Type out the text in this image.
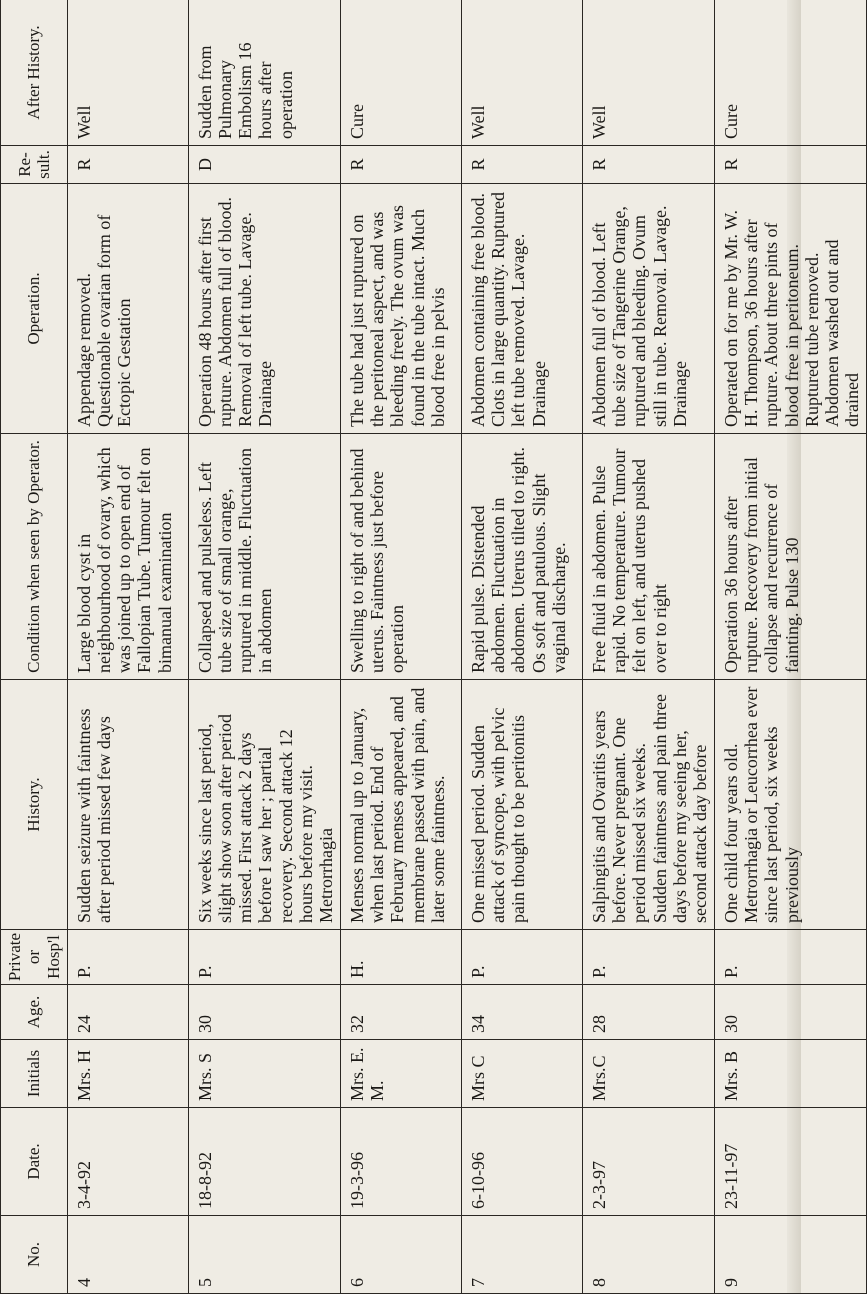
No.	Date.	Initials	Age.	Private or Hosp'l	History.	Condition when seen by Operator.	Operation.	Re-sult.	After History.
4	3-4-92	Mrs. H	24	P.	Sudden seizure with faintness after period missed few days	Large blood cyst in neighbourhood of ovary, which was joined up to open end of Fallopian Tube. Tumour felt on bimanual examination	Appendage removed. Questionable ovarian form of Ectopic Gestation	R	Well
5	18-8-92	Mrs. S	30	P.	Six weeks since last period, slight show soon after period missed. First attack 2 days before I saw her ; partial recovery. Second attack 12 hours before my visit. Metrorrhagia	Collapsed and pulseless. Left tube size of small orange, ruptured in middle. Fluctuation in abdomen	Operation 48 hours after first rupture. Abdomen full of blood. Removal of left tube. Lavage. Drainage	D	Sudden from Pulmonary Embolism 16 hours after operation
6	19-3-96	Mrs. E. M.	32	H.	Menses normal up to January, when last period. End of February menses appeared, and membrane passed with pain, and later some faintness.	Swelling to right of and behind uterus. Faintness just before operation	The tube had just ruptured on the peritoneal aspect, and was bleeding freely. The ovum was found in the tube intact. Much blood free in pelvis	R	Cure
7	6-10-96	Mrs C	34	P.	One missed period. Sudden attack of syncope, with pelvic pain thought to be peritonitis	Rapid pulse. Distended abdomen. Fluctuation in abdomen. Uterus tilted to right. Os soft and patulous. Slight vaginal discharge.	Abdomen containing free blood. Clots in large quantity. Ruptured left tube removed. Lavage. Drainage	R	Well
8	2-3-97	Mrs.C	28	P.	Salpingitis and Ovaritis years before. Never pregnant. One period missed six weeks. Sudden faintness and pain three days before my seeing her, second attack day before	Free fluid in abdomen. Pulse rapid. No temperature. Tumour felt on left, and uterus pushed over to right	Abdomen full of blood. Left tube size of Tangerine Orange, ruptured and bleeding. Ovum still in tube. Removal. Lavage. Drainage	R	Well
9	23-11-97	Mrs. B	30	P.	One child four years old. Metrorrhagia or Leucorrhea ever since last period, six weeks previously	Operation 36 hours after rupture. Recovery from initial collapse and recurrence of fainting. Pulse 130	Operated on for me by Mr. W. H. Thompson, 36 hours after rupture. About three pints of blood free in peritoneum. Ruptured tube removed. Abdomen washed out and drained	R	Cure
